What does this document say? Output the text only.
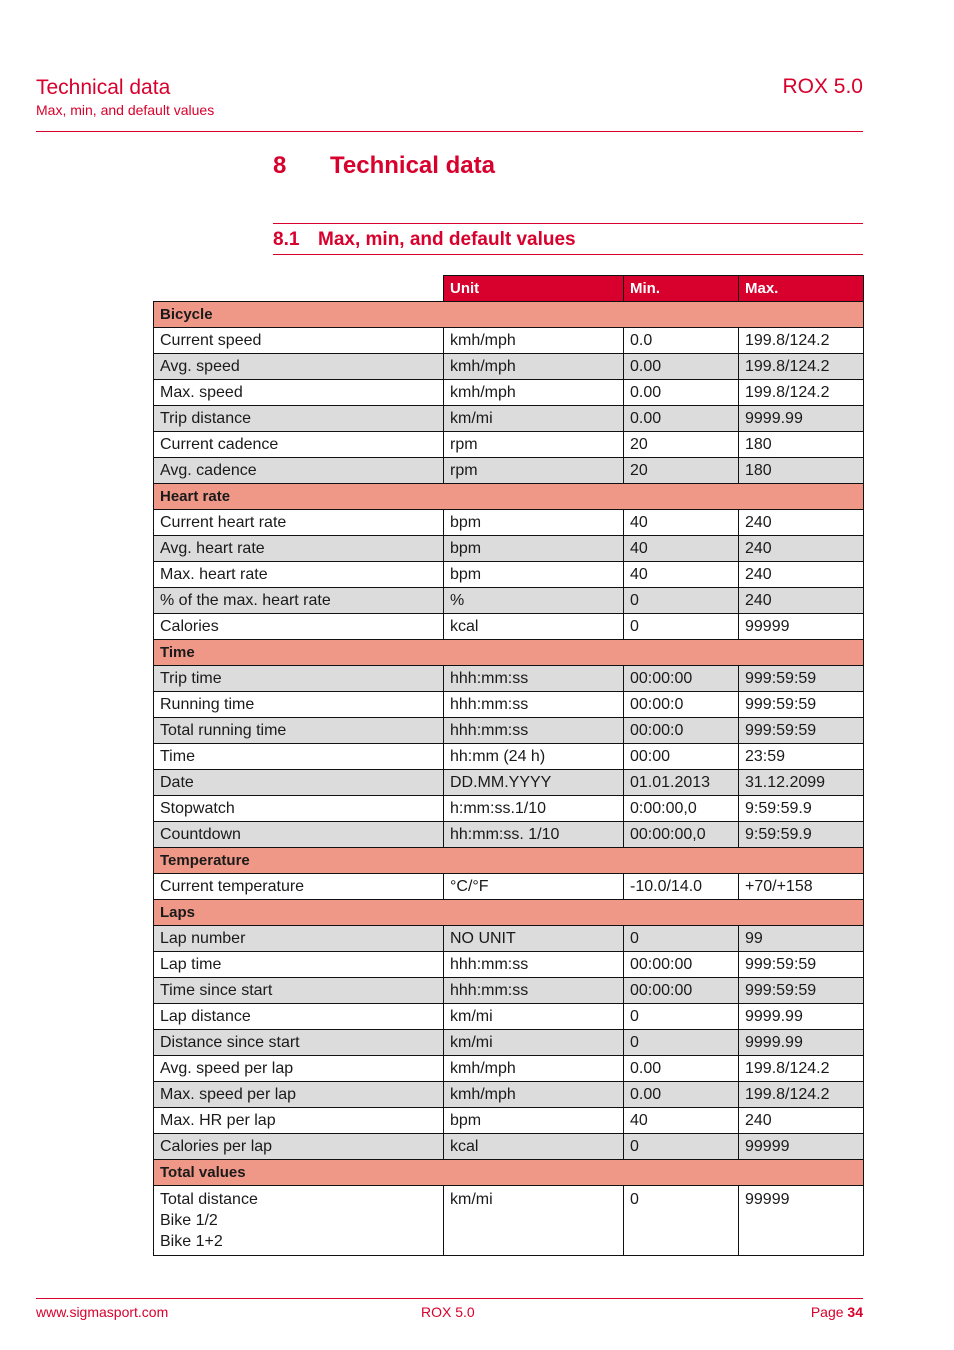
Technical data
Max, min, and default values
ROX 5.0
8 Technical data
8.1 Max, min, and default values
	Unit	Min.	Max.
Bicycle			
Current speed	kmh/mph	0.0	199.8/124.2
Avg. speed	kmh/mph	0.00	199.8/124.2
Max. speed	kmh/mph	0.00	199.8/124.2
Trip distance	km/mi	0.00	9999.99
Current cadence	rpm	20	180
Avg. cadence	rpm	20	180
Heart rate			
Current heart rate	bpm	40	240
Avg. heart rate	bpm	40	240
Max. heart rate	bpm	40	240
% of the max. heart rate	%	0	240
Calories	kcal	0	99999
Time			
Trip time	hhh:mm:ss	00:00:00	999:59:59
Running time	hhh:mm:ss	00:00:0	999:59:59
Total running time	hhh:mm:ss	00:00:0	999:59:59
Time	hh:mm (24 h)	00:00	23:59
Date	DD.MM.YYYY	01.01.2013	31.12.2099
Stopwatch	h:mm:ss.1/10	0:00:00,0	9:59:59.9
Countdown	hh:mm:ss. 1/10	00:00:00,0	9:59:59.9
Temperature			
Current temperature	°C/°F	-10.0/14.0	+70/+158
Laps			
Lap number	NO UNIT	0	99
Lap time	hhh:mm:ss	00:00:00	999:59:59
Time since start	hhh:mm:ss	00:00:00	999:59:59
Lap distance	km/mi	0	9999.99
Distance since start	km/mi	0	9999.99
Avg. speed per lap	kmh/mph	0.00	199.8/124.2
Max. speed per lap	kmh/mph	0.00	199.8/124.2
Max. HR per lap	bpm	40	240
Calories per lap	kcal	0	99999
Total values			
Total distance
Bike 1/2
Bike 1+2	km/mi	0	99999
www.sigmasport.com	ROX 5.0	Page 34
